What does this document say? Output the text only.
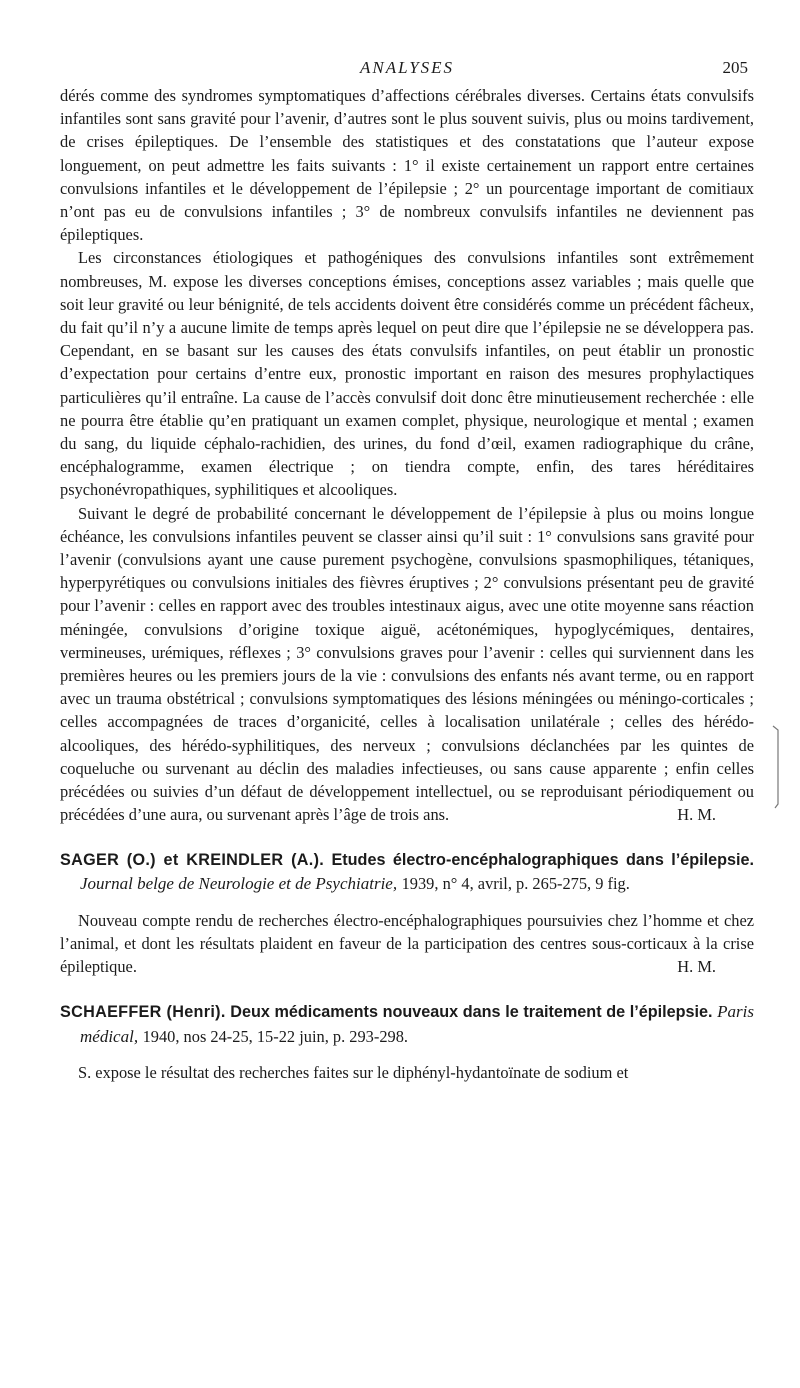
ANALYSES	205

dérés comme des syndromes symptomatiques d’affections cérébrales diverses. Certains états convulsifs infantiles sont sans gravité pour l’avenir, d’autres sont le plus souvent suivis, plus ou moins tardivement, de crises épileptiques. De l’ensemble des statistiques et des constatations que l’auteur expose longuement, on peut admettre les faits suivants : 1° il existe certainement un rapport entre certaines convulsions infantiles et le développement de l’épilepsie ; 2° un pourcentage important de comitiaux n’ont pas eu de convulsions infantiles ; 3° de nombreux convulsifs infantiles ne deviennent pas épileptiques.

Les circonstances étiologiques et pathogéniques des convulsions infantiles sont extrêmement nombreuses, M. expose les diverses conceptions émises, conceptions assez variables ; mais quelle que soit leur gravité ou leur bénignité, de tels accidents doivent être considérés comme un précédent fâcheux, du fait qu’il n’y a aucune limite de temps après lequel on peut dire que l’épilepsie ne se développera pas. Cependant, en se basant sur les causes des états convulsifs infantiles, on peut établir un pronostic d’expectation pour certains d’entre eux, pronostic important en raison des mesures prophylactiques particulières qu’il entraîne. La cause de l’accès convulsif doit donc être minutieusement recherchée : elle ne pourra être établie qu’en pratiquant un examen complet, physique, neurologique et mental ; examen du sang, du liquide céphalo-rachidien, des urines, du fond d’œil, examen radiographique du crâne, encéphalogramme, examen électrique ; on tiendra compte, enfin, des tares héréditaires psychonévropathiques, syphilitiques et alcooliques.

Suivant le degré de probabilité concernant le développement de l’épilepsie à plus ou moins longue échéance, les convulsions infantiles peuvent se classer ainsi qu’il suit : 1° convulsions sans gravité pour l’avenir (convulsions ayant une cause purement psychogène, convulsions spasmophiliques, tétaniques, hyperpyrétiques ou convulsions initiales des fièvres éruptives ; 2° convulsions présentant peu de gravité pour l’avenir : celles en rapport avec des troubles intestinaux aigus, avec une otite moyenne sans réaction méningée, convulsions d’origine toxique aiguë, acétonémiques, hypoglycémiques, dentaires, vermineuses, urémiques, réflexes ; 3° convulsions graves pour l’avenir : celles qui surviennent dans les premières heures ou les premiers jours de la vie : convulsions des enfants nés avant terme, ou en rapport avec un trauma obstétrical ; convulsions symptomatiques des lésions méningées ou méningo-corticales ; celles accompagnées de traces d’organicité, celles à localisation unilatérale ; celles des hérédo-alcooliques, des hérédo-syphilitiques, des nerveux ; convulsions déclanchées par les quintes de coqueluche ou survenant au déclin des maladies infectieuses, ou sans cause apparente ; enfin celles précédées ou suivies d’un défaut de développement intellectuel, ou se reproduisant périodiquement ou précédées d’une aura, ou survenant après l’âge de trois ans.	H. M.

SAGER (O.) et KREINDLER (A.). Etudes électro-encéphalographiques dans l’épilepsie. Journal belge de Neurologie et de Psychiatrie, 1939, n° 4, avril, p. 265-275, 9 fig.

Nouveau compte rendu de recherches électro-encéphalographiques poursuivies chez l’homme et chez l’animal, et dont les résultats plaident en faveur de la participation des centres sous-corticaux à la crise épileptique.	H. M.

SCHAEFFER (Henri). Deux médicaments nouveaux dans le traitement de l’épilepsie. Paris médical, 1940, nos 24-25, 15-22 juin, p. 293-298.

S. expose le résultat des recherches faites sur le diphényl-hydantoïnate de sodium et
